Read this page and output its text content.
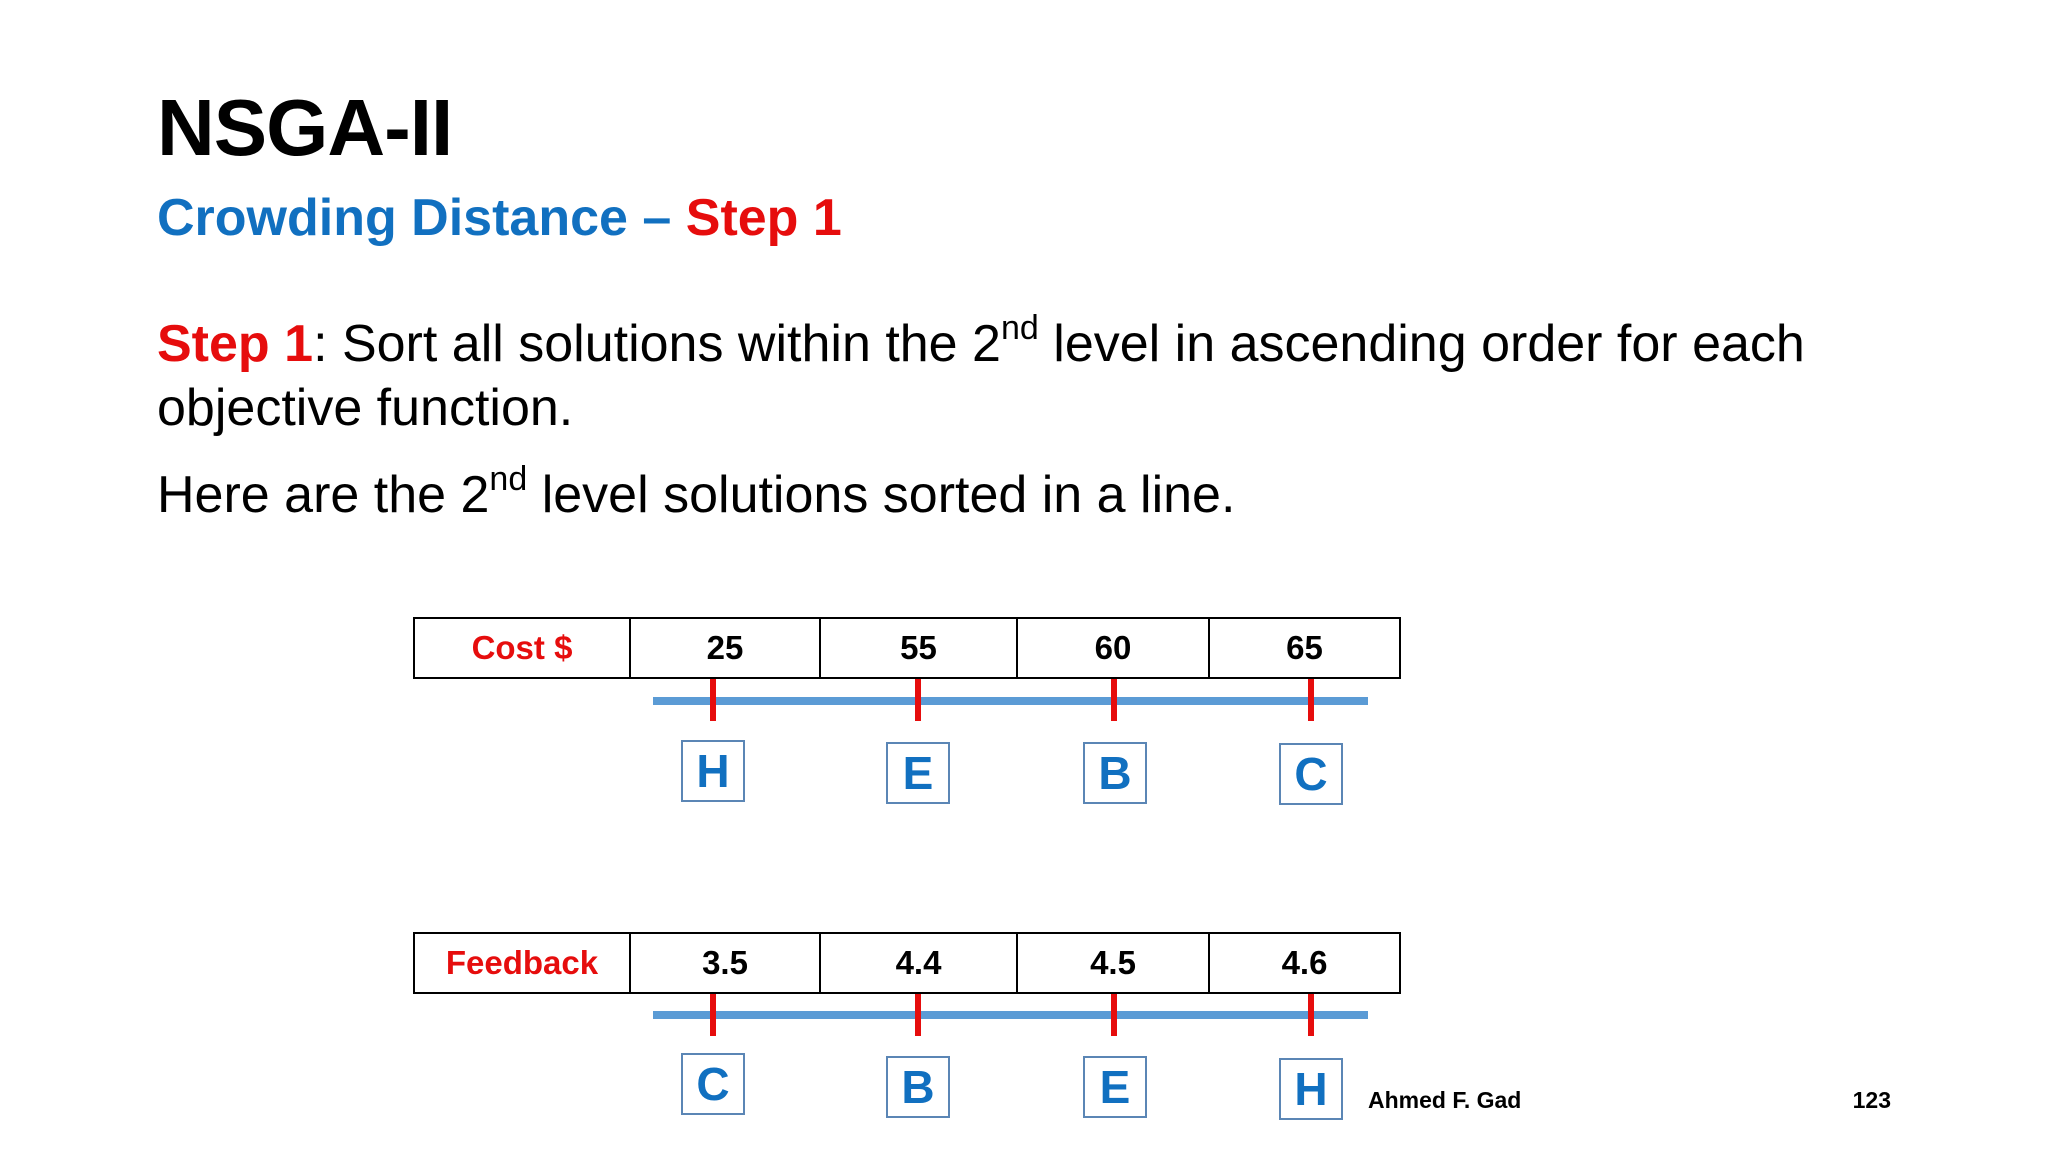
NSGA-II
Crowding Distance – Step 1
Step 1: Sort all solutions within the 2nd level in ascending order for each objective function.
Here are the 2nd level solutions sorted in a line.
Cost $	25	55	60	65
H	E	B	C
Feedback	3.5	4.4	4.5	4.6
C	B	E	H	Ahmed F. Gad	123
